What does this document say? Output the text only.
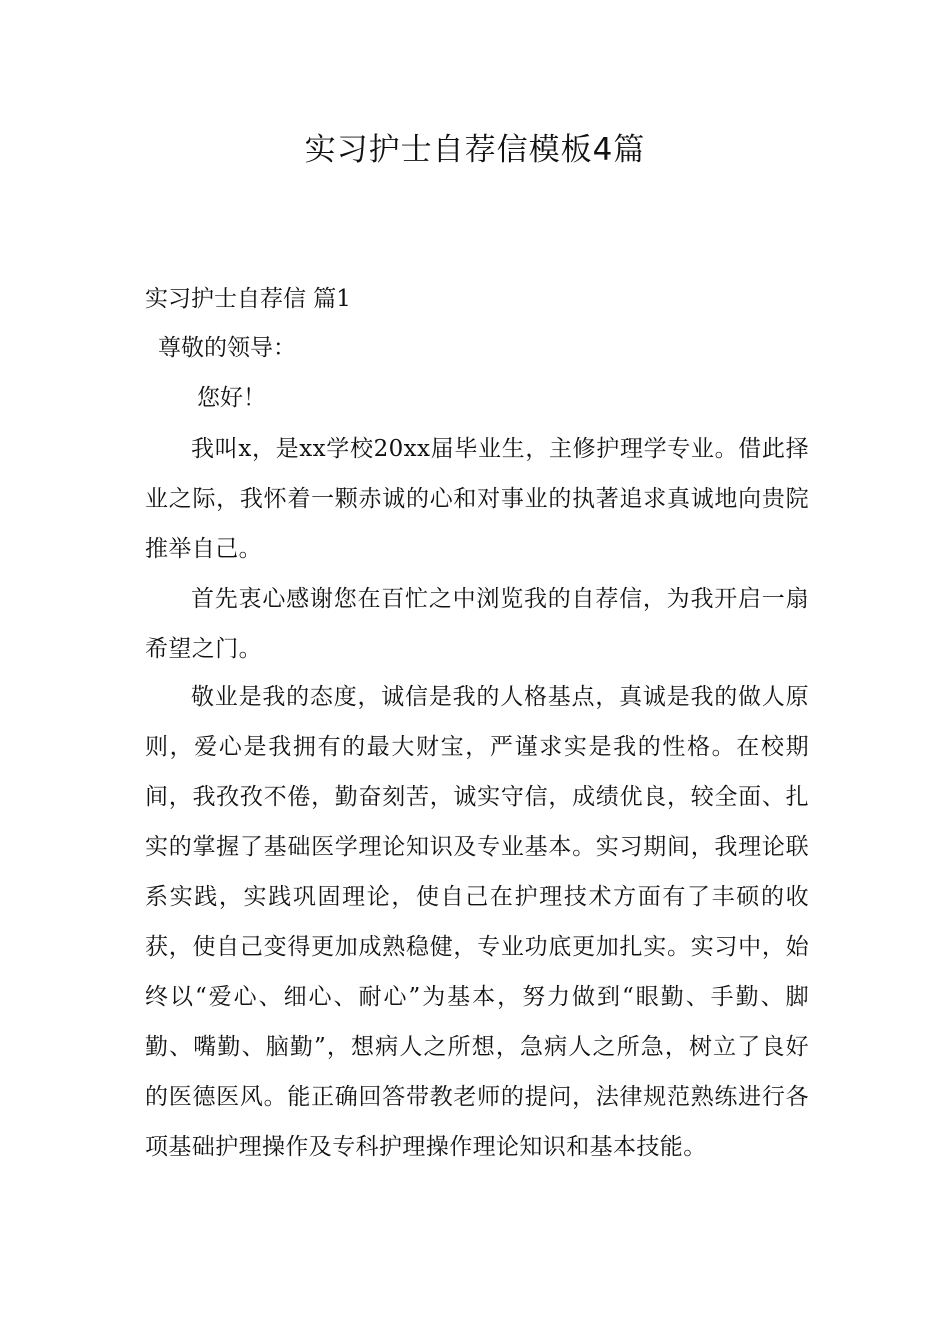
实习护士自荐信模板4篇
实习护士自荐信 篇1

尊敬的领导：

您好！

我叫x，是xx学校20xx届毕业生，主修护理学专业。借此择业之际，我怀着一颗赤诚的心和对事业的执著追求真诚地向贵院推举自己。

首先衷心感谢您在百忙之中浏览我的自荐信，为我开启一扇希望之门。

敬业是我的态度，诚信是我的人格基点，真诚是我的做人原则，爱心是我拥有的最大财宝，严谨求实是我的性格。在校期间，我孜孜不倦，勤奋刻苦，诚实守信，成绩优良，较全面、扎实的掌握了基础医学理论知识及专业基本。实习期间，我理论联系实践，实践巩固理论，使自己在护理技术方面有了丰硕的收获，使自己变得更加成熟稳健，专业功底更加扎实。实习中，始终以“爱心、细心、耐心”为基本，努力做到“眼勤、手勤、脚勤、嘴勤、脑勤”，想病人之所想，急病人之所急，树立了良好的医德医风。能正确回答带教老师的提问，法律规范熟练进行各项基础护理操作及专科护理操作理论知识和基本技能。
